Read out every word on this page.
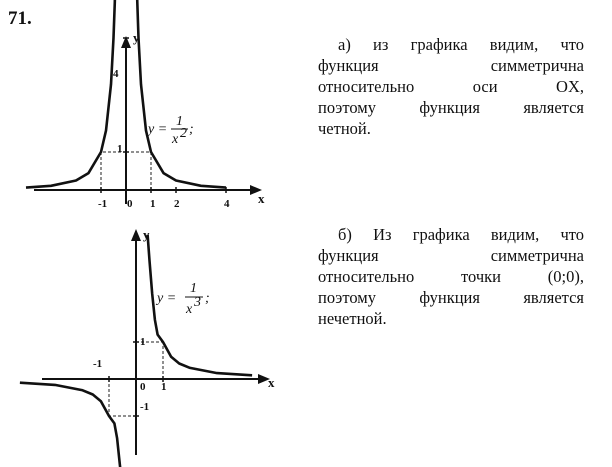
71.
y
x
-1 0 1 2	4
1
4
y =
1
x 2 ;
y
x
-1
0 1
1
-1
y =
1
x 3 ;
а) из графика видим, что
функция	симметрична
относительно	оси	OX,
поэтому	функция	является
четной.
б) Из графика видим, что
функция	симметрична
относительно	точки	(0;0),
поэтому	функция	является
нечетной.
